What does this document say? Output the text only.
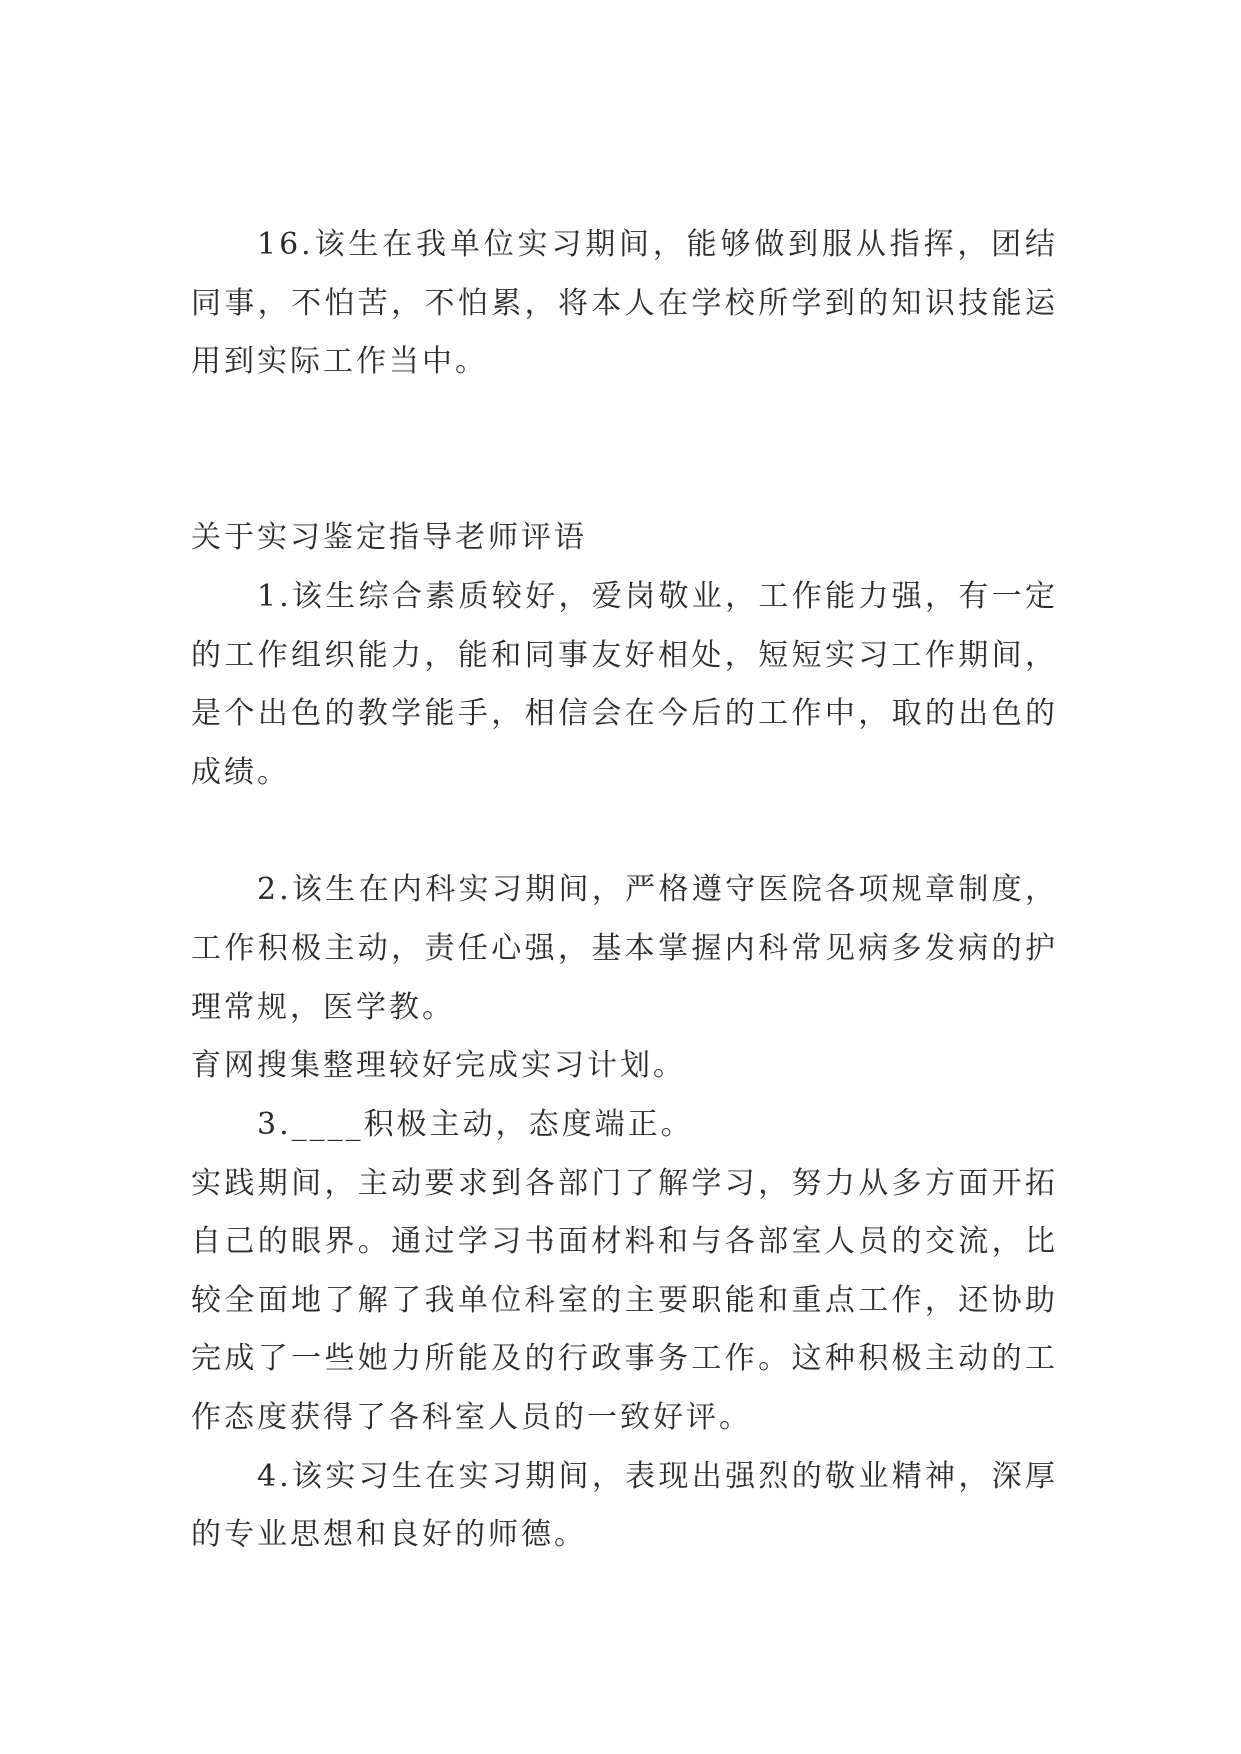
16.该生在我单位实习期间，能够做到服从指挥，团结
同事，不怕苦，不怕累，将本人在学校所学到的知识技能运
用到实际工作当中。
关于实习鉴定指导老师评语
1.该生综合素质较好，爱岗敬业，工作能力强，有一定
的工作组织能力，能和同事友好相处，短短实习工作期间，
是个出色的教学能手，相信会在今后的工作中，取的出色的
成绩。
2.该生在内科实习期间，严格遵守医院各项规章制度，
工作积极主动，责任心强，基本掌握内科常见病多发病的护
理常规，医学教。
育网搜集整理较好完成实习计划。
3.____积极主动，态度端正。
实践期间，主动要求到各部门了解学习，努力从多方面开拓
自己的眼界。通过学习书面材料和与各部室人员的交流，比
较全面地了解了我单位科室的主要职能和重点工作，还协助
完成了一些她力所能及的行政事务工作。这种积极主动的工
作态度获得了各科室人员的一致好评。
4.该实习生在实习期间，表现出强烈的敬业精神，深厚
的专业思想和良好的师德。
